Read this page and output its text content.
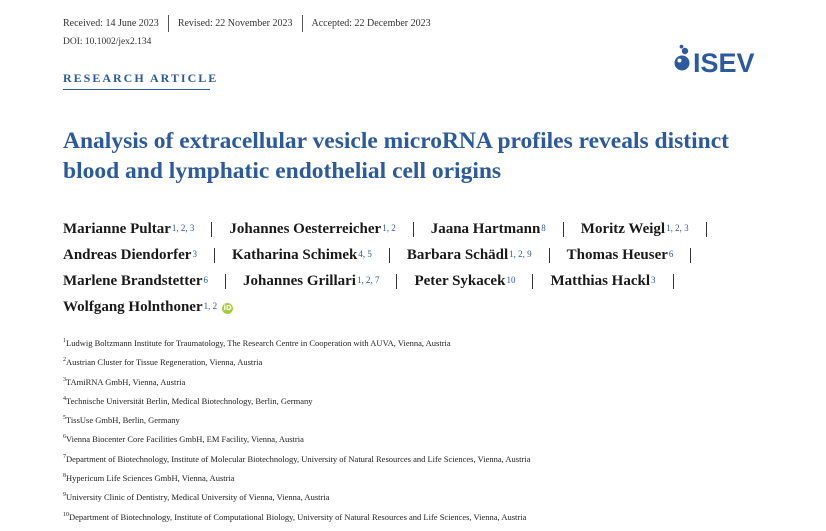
Received: 14 June 2023 Revised: 22 November 2023 Accepted: 22 December 2023
DOI: 10.1002/jex2.134
RESEARCH ARTICLE	ISEV
Analysis of extracellular vesicle microRNA profiles reveals distinct blood and lymphatic endothelial cell origins
Marianne Pultar$^{1, 2, 3}$ Johannes Oesterreicher$^{1, 2}$ Jaana Hartmann$^8$ Moritz Weigl$^{1, 2, 3}$
Andreas Diendorfer$^3$ Katharina Schimek$^{4, 5}$ Barbara Schädl$^{1, 2, 9}$ Thomas Heuser$^6$
Marlene Brandstetter$^6$ Johannes Grillari$^{1, 2, 7}$ Peter Sykacek$^{10}$ Matthias Hackl$^3$
Wolfgang Holnthoner$^{1, 2}$ iD
$^1$Ludwig Boltzmann Institute for Traumatology, The Research Centre in Cooperation with AUVA, Vienna, Austria
$^2$Austrian Cluster for Tissue Regeneration, Vienna, Austria
$^3$TAmiRNA GmbH, Vienna, Austria
$^4$Technische Universität Berlin, Medical Biotechnology, Berlin, Germany
$^5$TissUse GmbH, Berlin, Germany
$^6$Vienna Biocenter Core Facilities GmbH, EM Facility, Vienna, Austria
$^7$Department of Biotechnology, Institute of Molecular Biotechnology, University of Natural Resources and Life Sciences, Vienna, Austria
$^8$Hypericum Life Sciences GmbH, Vienna, Austria
$^9$University Clinic of Dentistry, Medical University of Vienna, Vienna, Austria
$^{10}$Department of Biotechnology, Institute of Computational Biology, University of Natural Resources and Life Sciences, Vienna, Austria
